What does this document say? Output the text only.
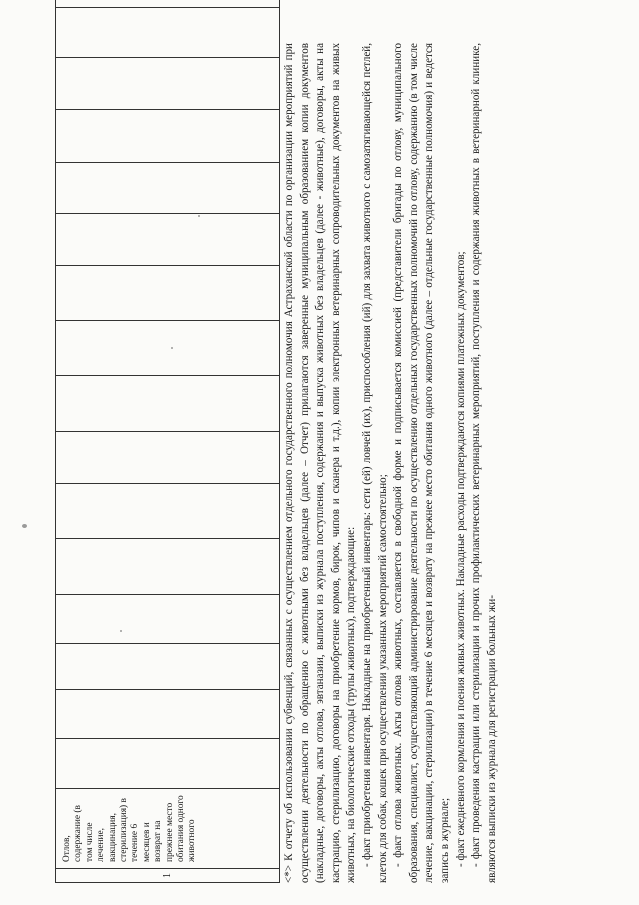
1	Отлов, содержание (в том числе лечение, вакцинация, стерилизация) в течение 6 месяцев и возврат на прежнее место обитания одного животного																	<*> К отчету об использовании субвенций, связанных с осуществлением отдельного государственного полномочия Астраханской области по организации мероприятий при осуществлении деятельности по обращению с животными без владельцев (далее – Отчет) прилагаются заверенные муниципальным образованием копии документов (накладные, договоры, акты отлова, эвтаназии, выписки из журнала поступления, содержания и выпуска животных без владельцев (далее - животные), договоры, акты на кастрацию, стерилизацию, договоры на приобретение кормов, бирок, чипов и сканера и т.д.), копии электронных ветеринарных сопроводительных документов на живых животных, на биологические отходы (трупы животных), подтверждающие: - факт приобретения инвентаря. Накладные на приобретенный инвентарь: сети (ей) ловчей (их), приспособления (ий) для захвата животного с самозатягивающейся петлей, клеток для собак, кошек при осуществлении указанных мероприятий самостоятельно; - факт отлова животных. Акты отлова животных, составляется в свободной форме и подписывается комиссией (представители бригады по отлову, муниципального образования, специалист, осуществляющий администрирование деятельности по осуществлению отдельных государственных полномочий по отлову, содержанию (в том числе лечение, вакцинации, стерилизации) в течение 6 месяцев и возврату на прежнее место обитания одного животного (далее – отдельные государственные полномочия) и ведется запись в журнале; - факт ежедневного кормления и поения живых животных. Накладные расходы подтверждаются копиями платежных документов; - факт проведения кастрации или стерилизации и прочих профилактических ветеринарных мероприятий, поступления и содержания животных в ветеринарной клинике, являются выписки из журнала для регистрации больных жи-
